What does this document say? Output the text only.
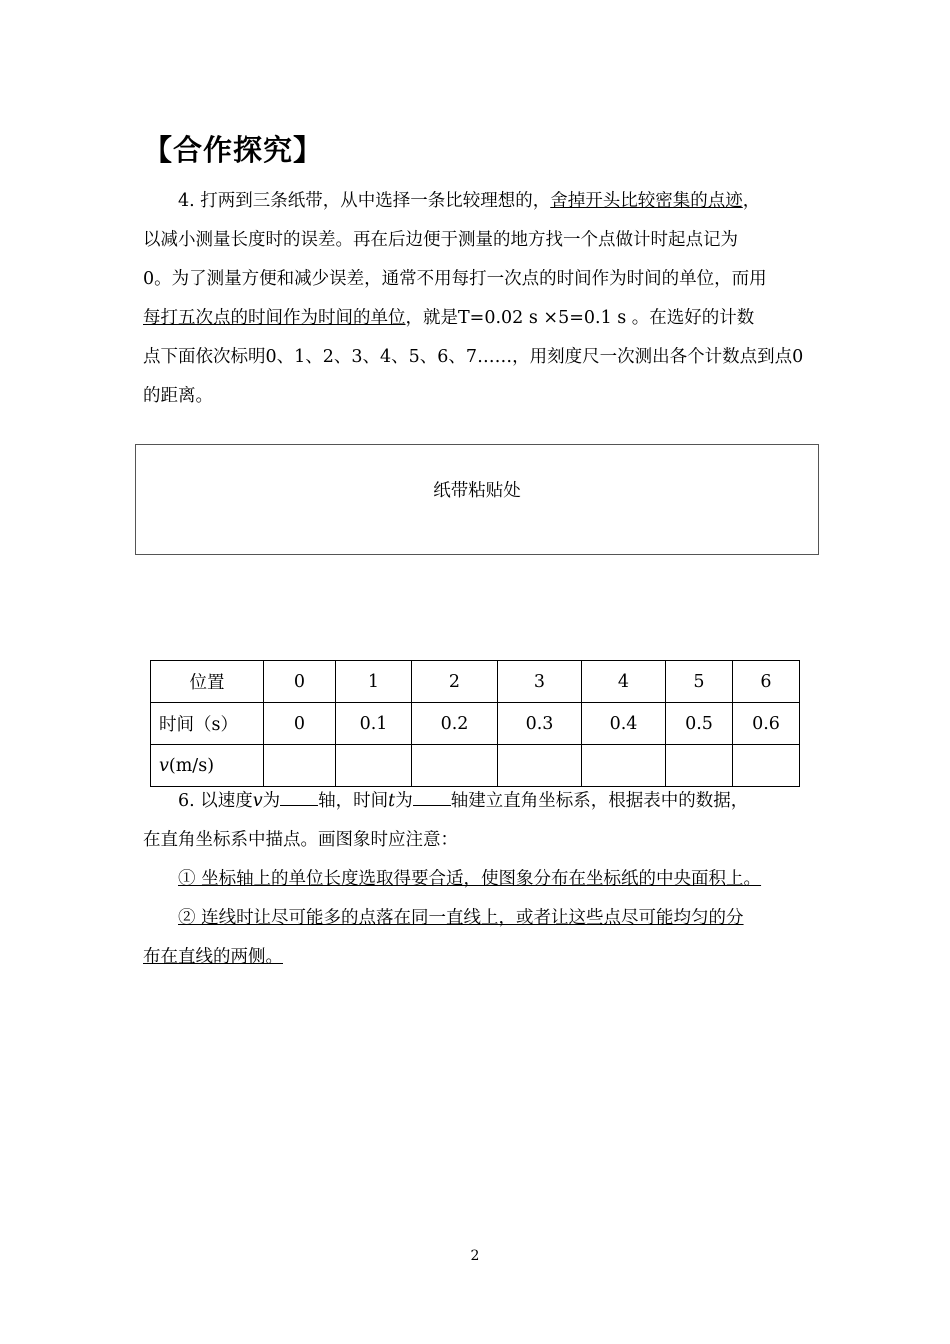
【合作探究】
4. 打两到三条纸带，从中选择一条比较理想的，舍掉开头比较密集的点迹，
以减小测量长度时的误差。再在后边便于测量的地方找一个点做计时起点记为
0。为了测量方便和减少误差，通常不用每打一次点的时间作为时间的单位，而用
每打五次点的时间作为时间的单位，就是T=0.02 s ×5=0.1 s 。在选好的计数
点下面依次标明0、1、2、3、4、5、6、7……，用刻度尺一次测出各个计数点到点0
的距离。
纸带粘贴处
位置	0	1	2	3	4	5	6
时间（s）	0	0.1	0.2	0.3	0.4	0.5	0.6
v(m/s)							
6. 以速度v为 轴，时间t为 轴建立直角坐标系，根据表中的数据，
在直角坐标系中描点。画图象时应注意：
① 坐标轴上的单位长度选取得要合适，使图象分布在坐标纸的中央面积上。
② 连线时让尽可能多的点落在同一直线上，或者让这些点尽可能均匀的分
布在直线的两侧。
2
